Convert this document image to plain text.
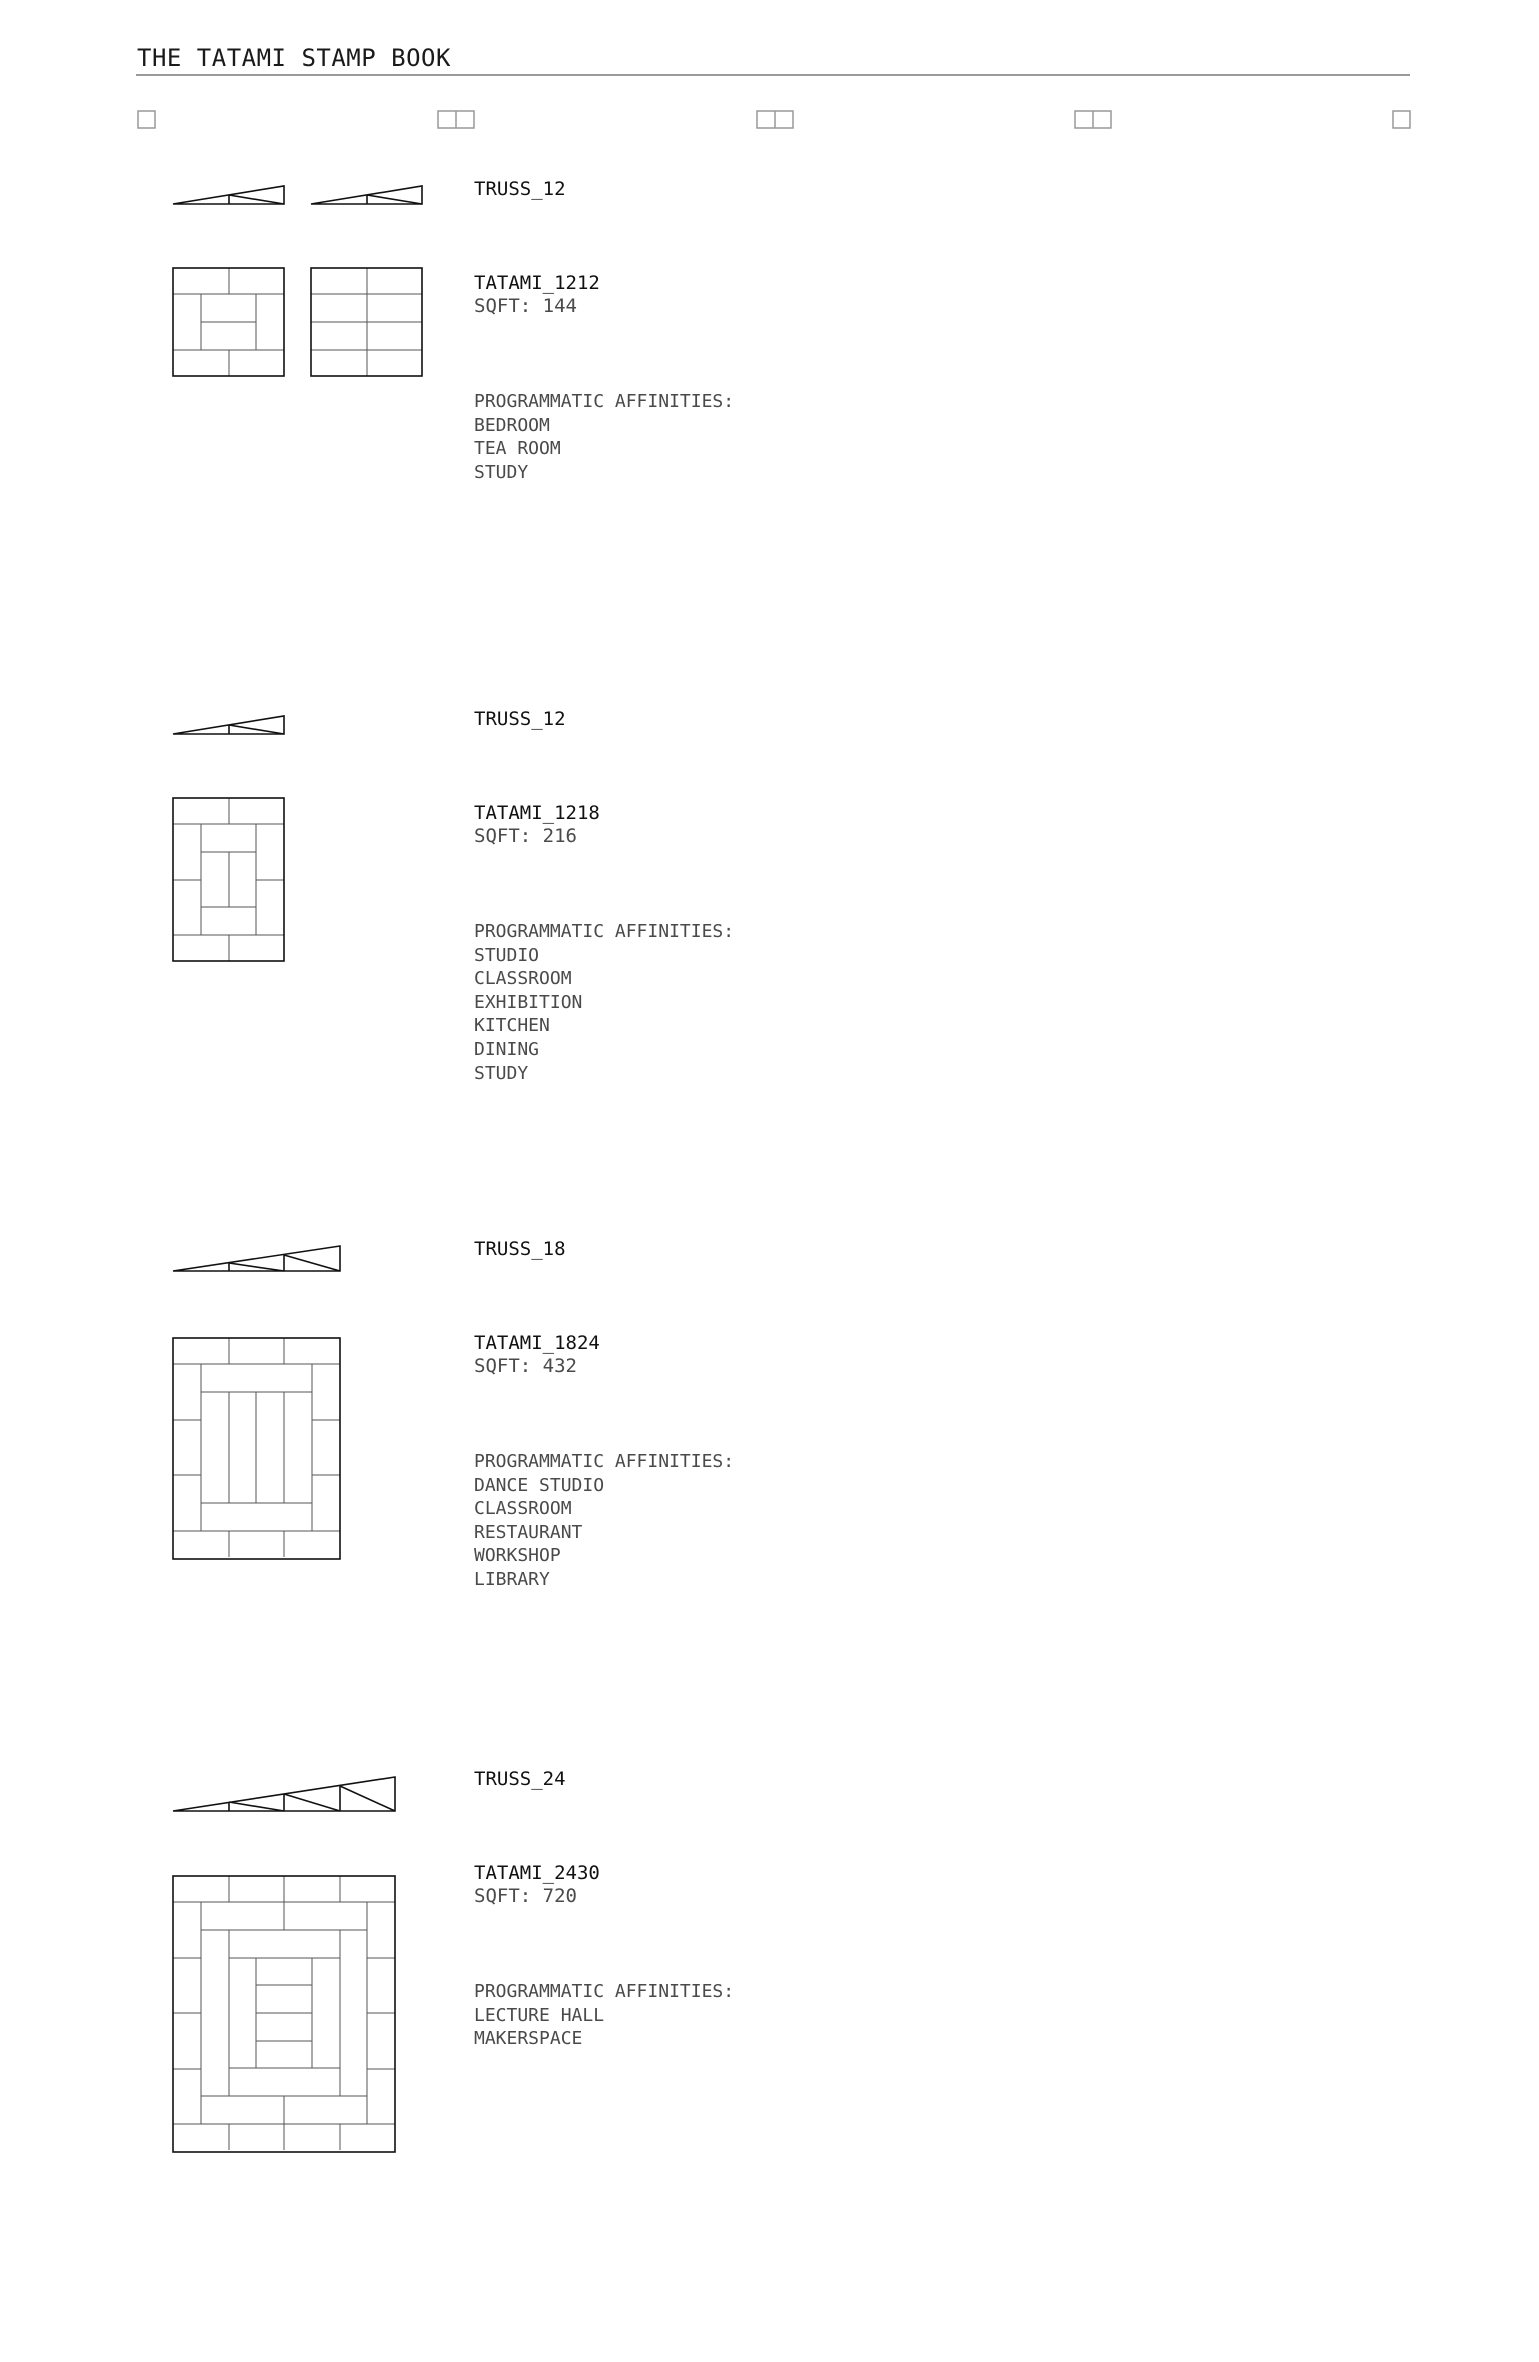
THE TATAMI STAMP BOOK
TRUSS_12
TATAMI_1212
SQFT: 144
PROGRAMMATIC AFFINITIES:
BEDROOM
TEA ROOM
STUDY
TRUSS_12
TATAMI_1218
SQFT: 216
PROGRAMMATIC AFFINITIES:
STUDIO
CLASSROOM
EXHIBITION
KITCHEN
DINING
STUDY
TRUSS_18
TATAMI_1824
SQFT: 432
PROGRAMMATIC AFFINITIES:
DANCE STUDIO
CLASSROOM
RESTAURANT
WORKSHOP
LIBRARY
TRUSS_24
TATAMI_2430
SQFT: 720
PROGRAMMATIC AFFINITIES:
LECTURE HALL
MAKERSPACE
